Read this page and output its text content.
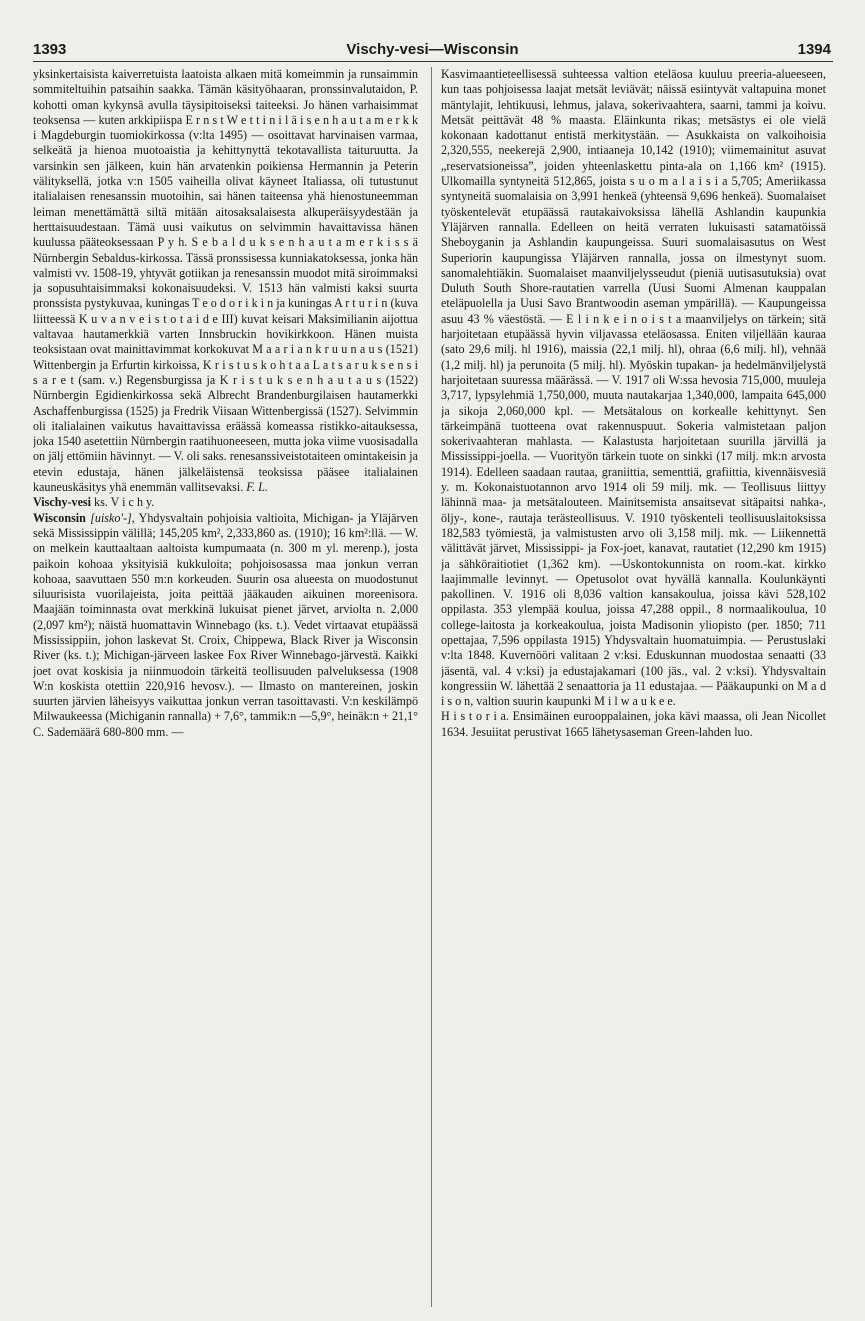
1393	Vischy-vesi—Wisconsin	1394

yksinkertaisista kaiverretuista laatoista alkaen mitä komeimmin ja runsaimmin sommiteltuihin patsaihin saakka. Tämän käsityöhaaran, pronssinvalutaidon, P. kohotti oman kykynsä avulla täysipitoiseksi taiteeksi. Jo hänen varhaisimmat teoksensa — kuten arkkipiispa E r n s t W e t t i n i l ä i s e n h a u t a m e r k k i Magdeburgin tuomiokirkossa (v:lta 1495) — osoittavat harvinaisen varmaa, selkeätä ja hienoa muotoaistia ja kehittynyttä tekotavallista taituruutta. Ja varsinkin sen jälkeen, kuin hän arvatenkin poikiensa Hermannin ja Peterin välityksellä, jotka v:n 1505 vaiheilla olivat käyneet Italiassa, oli tutustunut italialaisen renesanssin muotoihin, sai hänen taiteensa yhä hienostuneemman leiman menettämättä siltä mitään aitosaksalaisesta alkuperäisyydestään ja herttaisuudestaan. Tämä uusi vaikutus on selvimmin havaittavissa hänen kuulussa pääteoksessaan P y h. S e b a l d u k s e n h a u t a m e r k i s s ä Nürnbergin Sebaldus-kirkossa. Tässä pronssisessa kunniakatoksessa, jonka hän valmisti vv. 1508-19, yhtyvät gotiikan ja renesanssin muodot mitä siroimmaksi ja sopusuhtaisimmaksi kokonaisuudeksi. V. 1513 hän valmisti kaksi suurta pronssista pystykuvaa, kuningas T e o d o r i k i n ja kuningas A r t u r i n (kuva liitteessä K u v a n v e i s t o t a i d e III) kuvat keisari Maksimilianin aijottua valtavaa hautamerkkiä varten Innsbruckin hovikirkkoon. Hänen muista teoksistaan ovat mainittavimmat korkokuvat M a a r i a n k r u u n a u s (1521) Wittenbergin ja Erfurtin kirkoissa, K r i s t u s k o h t a a L a t s a r u k s e n s i s a r e t (sam. v.) Regensburgissa ja K r i s t u k s e n h a u t a u s (1522) Nürnbergin Egidienkirkossa sekä Albrecht Brandenburgilaisen hautamerkki Aschaffenburgissa (1525) ja Fredrik Viisaan Wittenbergissä (1527). Selvimmin oli italialainen vaikutus havaittavissa eräässä komeassa ristikko-aitauksessa, joka 1540 asetettiin Nürnbergin raatihuoneeseen, mutta joka viime vuosisadalla on jälj ettömiin hävinnyt. — V. oli saks. renesanssiveistotaiteen omintakeisin ja etevin edustaja, hänen jälkeläistensä teoksissa pääsee italialainen kauneuskäsitys yhä enemmän vallitsevaksi. F. L.

Vischy-vesi ks. V i c h y.

Wisconsin [uisko'-], Yhdysvaltain pohjoisia valtioita, Michigan- ja Yläjärven sekä Mississippin välillä; 145,205 km², 2,333,860 as. (1910); 16 km²:llä. — W. on melkein kauttaaltaan aaltoista kumpumaata (n. 300 m yl. merenp.), josta paikoin kohoaa yksityisiä kukkuloita; pohjoisosassa maa jonkun verran kohoaa, saavuttaen 550 m:n korkeuden. Suurin osa alueesta on muodostunut siluurisista vuorilajeista, joita peittää jääkauden aikuinen moreenisora. Maajään toiminnasta ovat merkkinä lukuisat pienet järvet, arviolta n. 2,000 (2,097 km²); näistä huomattavin Winnebago (ks. t.). Vedet virtaavat etupäässä Mississippiin, johon laskevat St. Croix, Chippewa, Black River ja Wisconsin River (ks. t.); Michigan-järveen laskee Fox River Winnebago-järvestä. Kaikki joet ovat koskisia ja niinmuodoin tärkeitä teollisuuden palveluksessa (1908 W:n koskista otettiin 220,916 hevosv.). — Ilmasto on mantereinen, joskin suurten järvien läheisyys vaikuttaa jonkun verran tasoittavasti. V:n keskilämpö Milwaukeessa (Michiganin rannalla) + 7,6°, tammik:n —5,9°, heinäk:n + 21,1° C. Sademäärä 680-800 mm. —

Kasvimaantieteellisessä suhteessa valtion eteläosa kuuluu preeria-alueeseen, kun taas pohjoisessa laajat metsät leviävät; näissä esiintyvät valtapuina monet mäntylajit, lehtikuusi, lehmus, jalava, sokerivaahtera, saarni, tammi ja koivu. Metsät peittävät 48 % maasta. Eläinkunta rikas; metsästys ei ole vielä kokonaan kadottanut entistä merkitystään. — Asukkaista on valkoihoisia 2,320,555, neekerejä 2,900, intiaaneja 10,142 (1910); viimemainitut asuvat „reservatsioneissa”, joiden yhteenlaskettu pinta-ala on 1,166 km² (1915). Ulkomailla syntyneitä 512,865, joista s u o m a l a i s i a 5,705; Ameriikassa syntyneitä suomalaisia on 3,991 henkeä (yhteensä 9,696 henkeä). Suomalaiset työskentelevät etupäässä rautakaivoksissa lähellä Ashlandin kaupunkia Yläjärven rannalla. Edelleen on heitä verraten lukuisasti satamatöissä Sheboyganin ja Ashlandin kaupungeissa. Suuri suomalaisasutus on West Superiorin kaupungissa Yläjärven rannalla, jossa on ilmestynyt suom. sanomalehtiäkin. Suomalaiset maanviljelysseudut (pieniä uutisasutuksia) ovat Duluth South Shore-rautatien varrella (Uusi Suomi Almenan kauppalan eteläpuolella ja Uusi Savo Brantwoodin aseman ympärillä). — Kaupungeissa asuu 43 % väestöstä. — E l i n k e i n o i s t a maanviljelys on tärkein; sitä harjoitetaan etupäässä hyvin viljavassa eteläosassa. Eniten viljellään kauraa (sato 29,6 milj. hl 1916), maissia (22,1 milj. hl), ohraa (6,6 milj. hl), vehnää (1,2 milj. hl) ja perunoita (5 milj. hl). Myöskin tupakan- ja hedelmänviljelystä harjoitetaan suuressa määrässä. — V. 1917 oli W:ssa hevosia 715,000, muuleja 3,717, lypsylehmiä 1,750,000, muuta nautakarjaa 1,340,000, lampaita 645,000 ja sikoja 2,060,000 kpl. — Metsätalous on korkealle kehittynyt. Sen tärkeimpänä tuotteena ovat rakennuspuut. Sokeria valmistetaan paljon sokerivaahteran mahlasta. — Kalastusta harjoitetaan suurilla järvillä ja Mississippi-joella. — Vuorityön tärkein tuote on sinkki (17 milj. mk:n arvosta 1914). Edelleen saadaan rautaa, graniittia, sementtiä, grafiittia, kivennäisvesiä y. m. Kokonaistuotannon arvo 1914 oli 59 milj. mk. — Teollisuus liittyy lähinnä maa- ja metsätalouteen. Mainitsemista ansaitsevat sitäpaitsi nahka-, öljy-, kone-, rautaja terästeollisuus. V. 1910 työskenteli teollisuuslaitoksissa 182,583 työmiestä, ja valmistusten arvo oli 3,158 milj. mk. — Liikennettä välittävät järvet, Mississippi- ja Fox-joet, kanavat, rautatiet (12,290 km 1915) ja sähköraitiotiet (1,362 km). —Uskontokunnista on room.-kat. kirkko laajimmalle levinnyt. — Opetusolot ovat hyvällä kannalla. Koulunkäynti pakollinen. V. 1916 oli 8,036 valtion kansakoulua, joissa kävi 528,102 oppilasta. 353 ylempää koulua, joissa 47,288 oppil., 8 normaalikoulua, 10 college-laitosta ja korkeakoulua, joista Madisonin yliopisto (per. 1850; 711 opettajaa, 7,596 oppilasta 1915) Yhdysvaltain huomatuimpia. — Perustuslaki v:lta 1848. Kuvernööri valitaan 2 v:ksi. Eduskunnan muodostaa senaatti (33 jäsentä, val. 4 v:ksi) ja edustajakamari (100 jäs., val. 2 v:ksi). Yhdysvaltain kongressiin W. lähettää 2 senaattoria ja 11 edustajaa. — Pääkaupunki on M a d i s o n, valtion suurin kaupunki M i l w a u k e e.

H i s t o r i a. Ensimäinen eurooppalainen, joka kävi maassa, oli Jean Nicollet 1634. Jesuiitat perustivat 1665 lähetysaseman Green-lahden luo.
